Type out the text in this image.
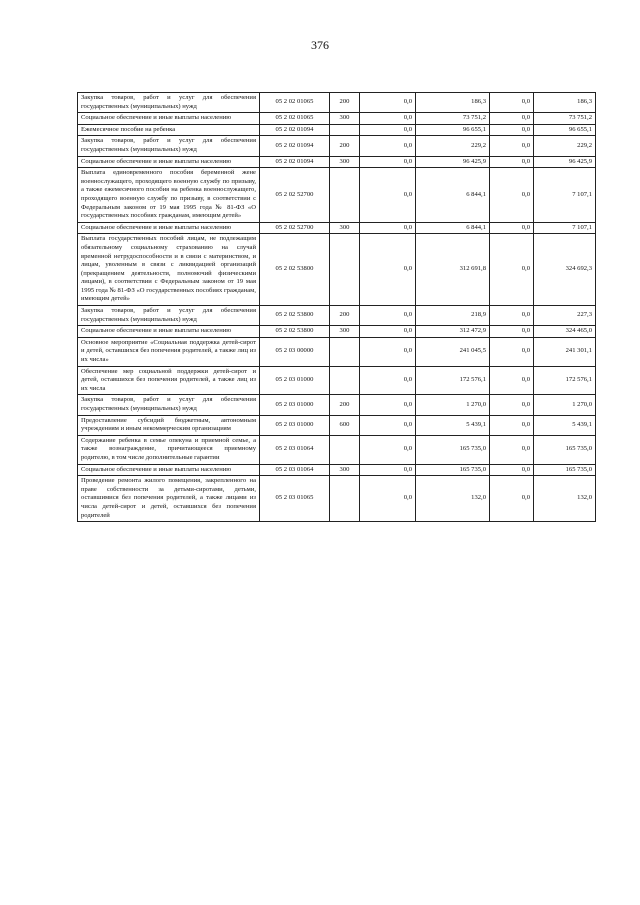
376
Закупка товаров, работ и услуг для обеспечения государственных (муниципальных) нужд	05 2 02 01065	200	0,0	186,3	0,0	186,3
Социальное обеспечение и иные выплаты населению	05 2 02 01065	300	0,0	73 751,2	0,0	73 751,2
Ежемесячное пособие на ребенка	05 2 02 01094		0,0	96 655,1	0,0	96 655,1
Закупка товаров, работ и услуг для обеспечения государственных (муниципальных) нужд	05 2 02 01094	200	0,0	229,2	0,0	229,2
Социальное обеспечение и иные выплаты населению	05 2 02 01094	300	0,0	96 425,9	0,0	96 425,9
Выплата единовременного пособия беременной жене военнослужащего, проходящего военную службу по призыву, а также ежемесячного пособия на ребенка военнослужащего, проходящего военную службу по призыву, в соответствии с Федеральным законом от 19 мая 1995 года № 81-ФЗ «О государственных пособиях гражданам, имеющим детей»	05 2 02 52700		0,0	6 844,1	0,0	7 107,1
Социальное обеспечение и иные выплаты населению	05 2 02 52700	300	0,0	6 844,1	0,0	7 107,1
Выплата государственных пособий лицам, не подлежащим обязательному социальному страхованию на случай временной нетрудоспособности и в связи с материнством, и лицам, уволенным в связи с ликвидацией организаций (прекращением деятельности, полномочий физическими лицами), в соответствии с Федеральным законом от 19 мая 1995 года № 81-ФЗ «О государственных пособиях гражданам, имеющим детей»	05 2 02 53800		0,0	312 691,8	0,0	324 692,3
Закупка товаров, работ и услуг для обеспечения государственных (муниципальных) нужд	05 2 02 53800	200	0,0	218,9	0,0	227,3
Социальное обеспечение и иные выплаты населению	05 2 02 53800	300	0,0	312 472,9	0,0	324 465,0
Основное мероприятие «Социальная поддержка детей-сирот и детей, оставшихся без попечения родителей, а также лиц из их числа»	05 2 03 00000		0,0	241 045,5	0,0	241 301,1
Обеспечение мер социальной поддержки детей-сирот и детей, оставшихся без попечения родителей, а также лиц из их числа	05 2 03 01000		0,0	172 576,1	0,0	172 576,1
Закупка товаров, работ и услуг для обеспечения государственных (муниципальных) нужд	05 2 03 01000	200	0,0	1 270,0	0,0	1 270,0
Предоставление субсидий бюджетным, автономным учреждениям и иным некоммерческим организациям	05 2 03 01000	600	0,0	5 439,1	0,0	5 439,1
Содержание ребенка в семье опекуна и приемной семье, а также вознаграждение, причитающееся приемному родителю, в том числе дополнительные гарантии	05 2 03 01064		0,0	165 735,0	0,0	165 735,0
Социальное обеспечение и иные выплаты населению	05 2 03 01064	300	0,0	165 735,0	0,0	165 735,0
Проведение ремонта жилого помещения, закрепленного на праве собственности за детьми-сиротами, детьми, оставшимися без попечения родителей, а также лицами из числа детей-сирот и детей, оставшихся без попечения родителей	05 2 03 01065		0,0	132,0	0,0	132,0
